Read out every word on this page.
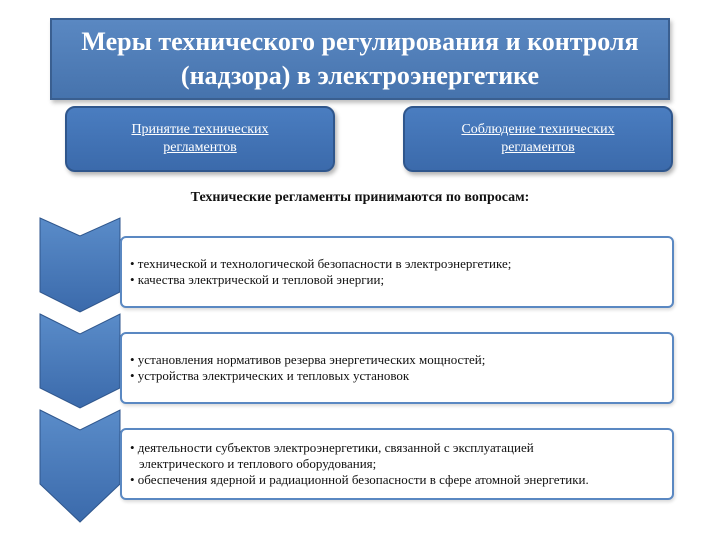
Меры технического регулирования и контроля
(надзора) в электроэнергетике
Принятие технических
регламентов
Соблюдение технических
регламентов
Технические регламенты принимаются по вопросам:
• технической и технологической безопасности в электроэнергетике;
• качества электрической и тепловой энергии;
• установления нормативов резерва энергетических мощностей;
• устройства электрических и тепловых установок
• деятельности субъектов электроэнергетики, связанной с эксплуатацией
электрического и теплового оборудования;
• обеспечения ядерной и радиационной безопасности в сфере атомной энергетики.
